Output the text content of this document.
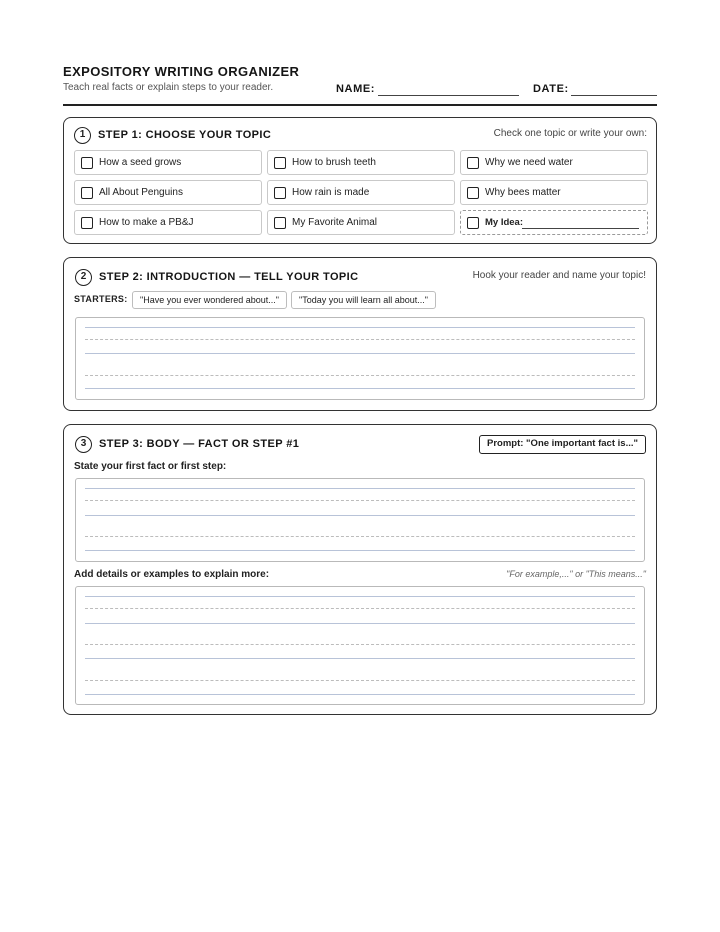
EXPOSITORY WRITING ORGANIZER
Teach real facts or explain steps to your reader.	NAME:	DATE:
1	STEP 1: CHOOSE YOUR TOPIC	Check one topic or write your own:
How a seed grows	How to brush teeth	Why we need water
All About Penguins	How rain is made	Why bees matter
How to make a PB&J	My Favorite Animal	My Idea:
2	STEP 2: INTRODUCTION — TELL YOUR TOPIC	Hook your reader and name your topic!
STARTERS:	"Have you ever wondered about..."	"Today you will learn all about..."
3	STEP 3: BODY — FACT OR STEP #1	Prompt: "One important fact is..."
State your first fact or first step:
Add details or examples to explain more:	"For example,..." or "This means..."
